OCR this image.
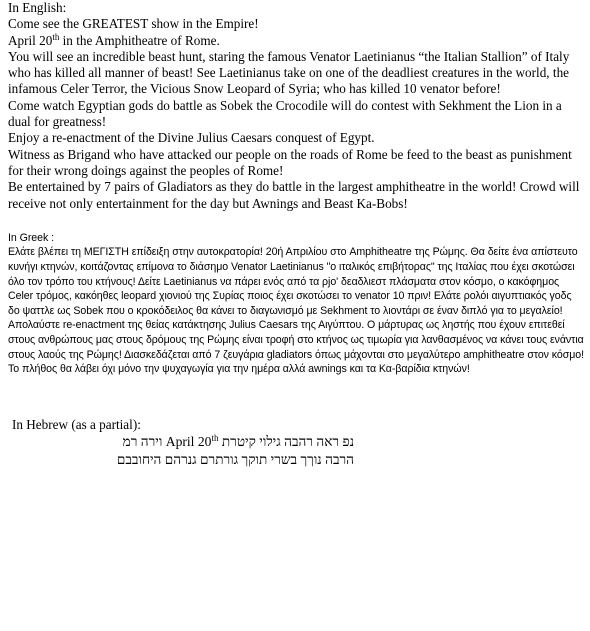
In English:

Come see the GREATEST show in the Empire!

April 20th in the Amphitheatre of Rome.

You will see an incredible beast hunt, staring the famous Venator Laetinianus “the Italian Stallion” of Italy who has killed all manner of beast! See Laetinianus take on one of the deadliest creatures in the world, the infamous Celer Terror, the Vicious Snow Leopard of Syria; who has killed 10 venator before!

Come watch Egyptian gods do battle as Sobek the Crocodile will do contest with Sekhment the Lion in a dual for greatness!

Enjoy a re-enactment of the Divine Julius Caesars conquest of Egypt.

Witness as Brigand who have attacked our people on the roads of Rome be feed to the beast as punishment for their wrong doings against the peoples of Rome!

Be entertained by 7 pairs of Gladiators as they do battle in the largest amphitheatre in the world! Crowd will receive not only entertainment for the day but Awnings and Beast Ka-Bobs!

In Greek :

Ελάτε βλέπει τη ΜΕΓΙΣΤΗ επίδειξη στην αυτοκρατορία! 20ή Απριλίου στο Amphitheatre της Ρώμης. Θα δείτε ένα απίστευτο κυνήγι κτηνών, κοιτάζοντας επίμονα το διάσημο Venator Laetinianus "ο ιταλικός επιβήτορας" της Ιταλίας που έχει σκοτώσει όλο τον τρόπο του κτήνους! Δείτε Laetinianus να πάρει ενός από τα ρjο' δεαδλιεστ πλάσματα στον κόσμο, ο κακόφημος Celer τρόμος, κακόηθες leopard χιονιού της Συρίας ποιος έχει σκοτώσει το venator 10 πριν! Ελάτε ρολόι αιγυπτιακός γοδς δο ψαττλε ως Sobek που ο κροκόδειλος θα κάνει το διαγωνισμό με Sekhment το λιοντάρι σε έναν διπλό για το μεγαλείο! Απολαύστε re-enactment της θείας κατάκτησης Julius Caesars της Αιγύπτου. Ο μάρτυρας ως ληστής που έχουν επιτεθεί στους ανθρώπους μας στους δρόμους της Ρώμης είναι τροφή στο κτήνος ως τιμωρία για λανθασμένος να κάνει τους ενάντια στους λαούς της Ρώμης! Διασκεδάζεται από 7 ζευγάρια gladiators όπως μάχονται στο μεγαλύτερο amphitheatre στον κόσμο! Το πλήθος θα λάβει όχι μόνο την ψυχαγωγία για την ημέρα αλλά awnings και τα Κα-βαρίδια κτηνών!

In Hebrew (as a partial):
נפ ראה רהבה גילוי קיטרת April 20th וירה רמ
הרבה נוךך בשרי תוקך גורתרם גנרהם היחובבם
